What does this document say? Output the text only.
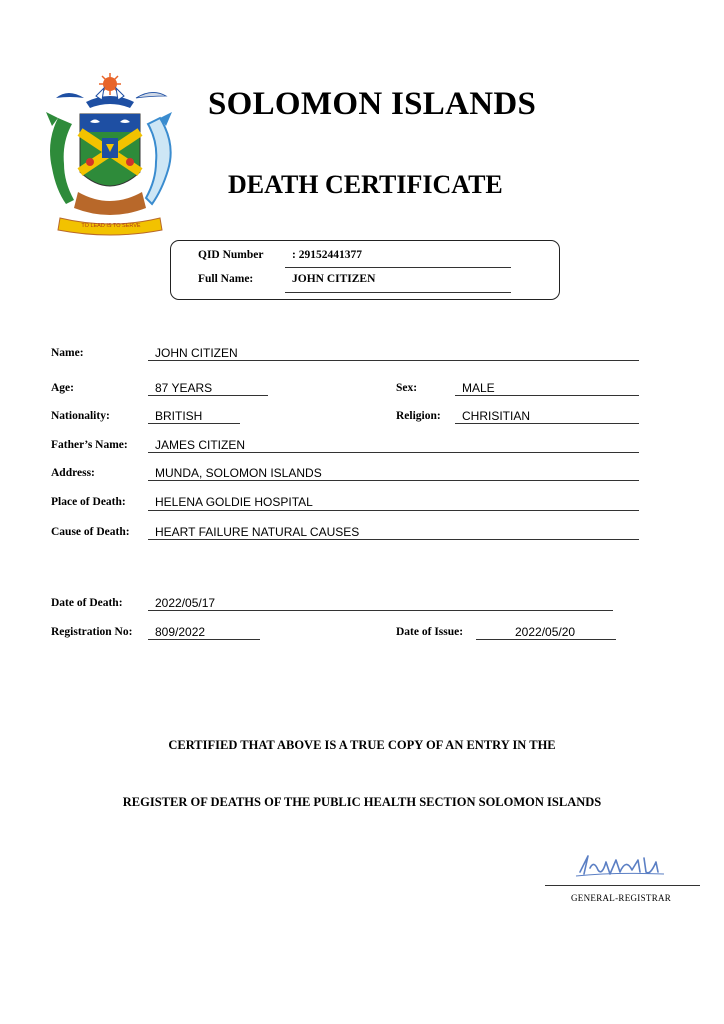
TO LEAD IS TO SERVE
SOLOMON ISLANDS
DEATH CERTIFICATE
QID Number : 29152441377
Full Name:	JOHN CITIZEN
Name:	JOHN CITIZEN
Age:	87 YEARS	Sex:	MALE
Nationality:	BRITISH	Religion: CHRISITIAN
Father’s Name: JAMES CITIZEN
Address:	MUNDA, SOLOMON ISLANDS
Place of Death: HELENA GOLDIE HOSPITAL
Cause of Death: HEART FAILURE NATURAL CAUSES
Date of Death:	2022/05/17
Registration No: 809/2022	Date of Issue:	2022/05/20
CERTIFIED THAT ABOVE IS A TRUE COPY OF AN ENTRY IN THE
REGISTER OF DEATHS OF THE PUBLIC HEALTH SECTION SOLOMON ISLANDS
GENERAL-REGISTRAR
